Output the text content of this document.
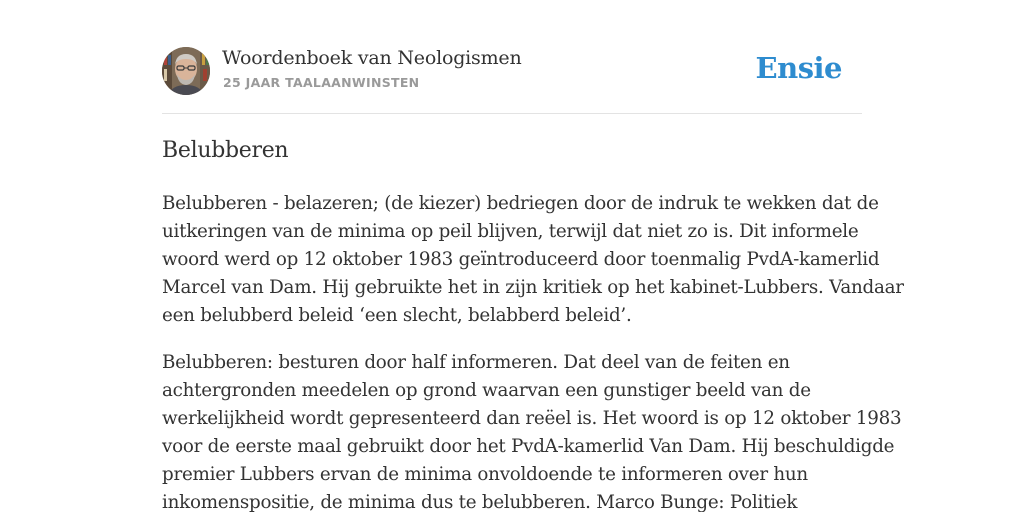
Woordenboek van Neologismen
25 JAAR TAALAANWINSTEN	Ensie
Belubberen

Belubberen - belazeren; (de kiezer) bedriegen door de indruk te wekken dat de
uitkeringen van de minima op peil blijven, terwijl dat niet zo is. Dit informele
woord werd op 12 oktober 1983 geïntroduceerd door toenmalig PvdA-kamerlid
Marcel van Dam. Hij gebruikte het in zijn kritiek op het kabinet-Lubbers. Vandaar
een belubberd beleid ‘een slecht, belabberd beleid’.

Belubberen: besturen door half informeren. Dat deel van de feiten en
achtergronden meedelen op grond waarvan een gunstiger beeld van de
werkelijkheid wordt gepresenteerd dan reëel is. Het woord is op 12 oktober 1983
voor de eerste maal gebruikt door het PvdA-kamerlid Van Dam. Hij beschuldigde
premier Lubbers ervan de minima onvoldoende te informeren over hun
inkomenspositie, de minima dus te belubberen. Marco Bunge: Politiek
